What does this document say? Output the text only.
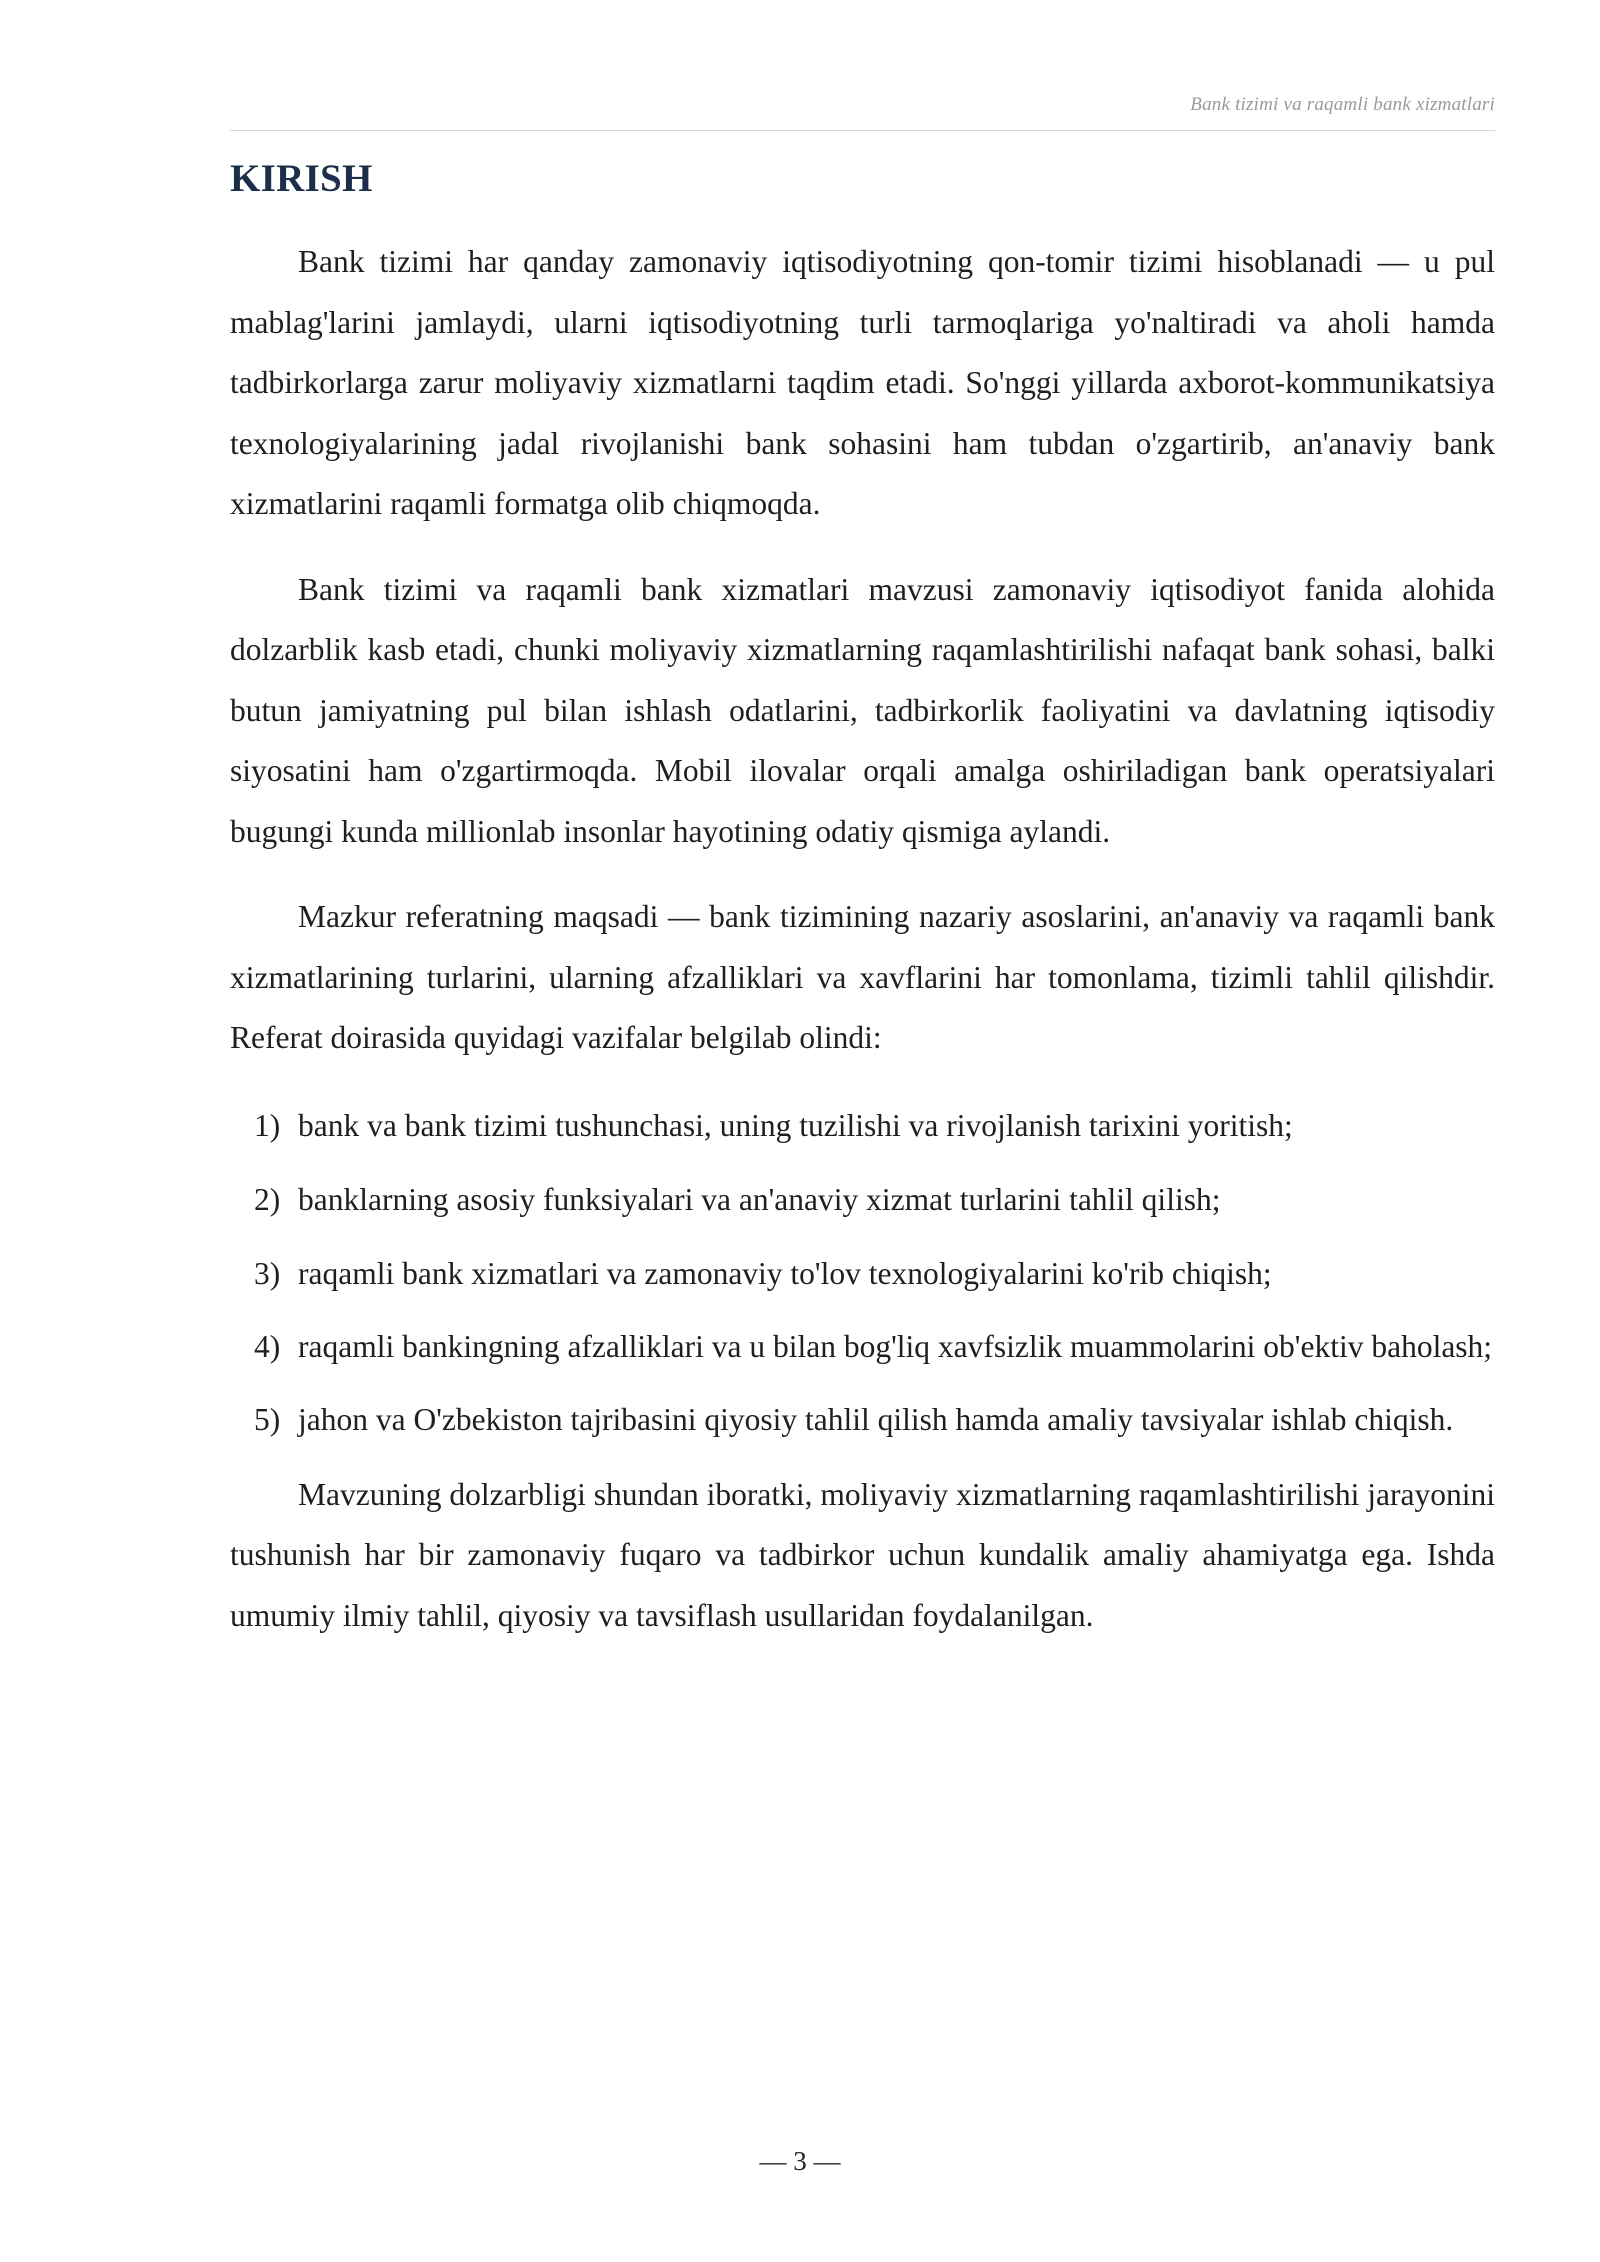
Bank tizimi va raqamli bank xizmatlari
KIRISH

Bank tizimi har qanday zamonaviy iqtisodiyotning qon-tomir tizimi hisoblanadi — u pul mablag'larini jamlaydi, ularni iqtisodiyotning turli tarmoqlariga yo'naltiradi va aholi hamda tadbirkorlarga zarur moliyaviy xizmatlarni taqdim etadi. So'nggi yillarda axborot-kommunikatsiya texnologiyalarining jadal rivojlanishi bank sohasini ham tubdan o'zgartirib, an'anaviy bank xizmatlarini raqamli formatga olib chiqmoqda.

Bank tizimi va raqamli bank xizmatlari mavzusi zamonaviy iqtisodiyot fanida alohida dolzarblik kasb etadi, chunki moliyaviy xizmatlarning raqamlashtirilishi nafaqat bank sohasi, balki butun jamiyatning pul bilan ishlash odatlarini, tadbirkorlik faoliyatini va davlatning iqtisodiy siyosatini ham o'zgartirmoqda. Mobil ilovalar orqali amalga oshiriladigan bank operatsiyalari bugungi kunda millionlab insonlar hayotining odatiy qismiga aylandi.

Mazkur referatning maqsadi — bank tizimining nazariy asoslarini, an'anaviy va raqamli bank xizmatlarining turlarini, ularning afzalliklari va xavflarini har tomonlama, tizimli tahlil qilishdir. Referat doirasida quyidagi vazifalar belgilab olindi:

1) bank va bank tizimi tushunchasi, uning tuzilishi va rivojlanish tarixini yoritish;
2) banklarning asosiy funksiyalari va an'anaviy xizmat turlarini tahlil qilish;
3) raqamli bank xizmatlari va zamonaviy to'lov texnologiyalarini ko'rib chiqish;
4) raqamli bankingning afzalliklari va u bilan bog'liq xavfsizlik muammolarini ob'ektiv baholash;
5) jahon va O'zbekiston tajribasini qiyosiy tahlil qilish hamda amaliy tavsiyalar ishlab chiqish.

Mavzuning dolzarbligi shundan iboratki, moliyaviy xizmatlarning raqamlashtirilishi jarayonini tushunish har bir zamonaviy fuqaro va tadbirkor uchun kundalik amaliy ahamiyatga ega. Ishda umumiy ilmiy tahlil, qiyosiy va tavsiflash usullaridan foydalanilgan.

— 3 —
